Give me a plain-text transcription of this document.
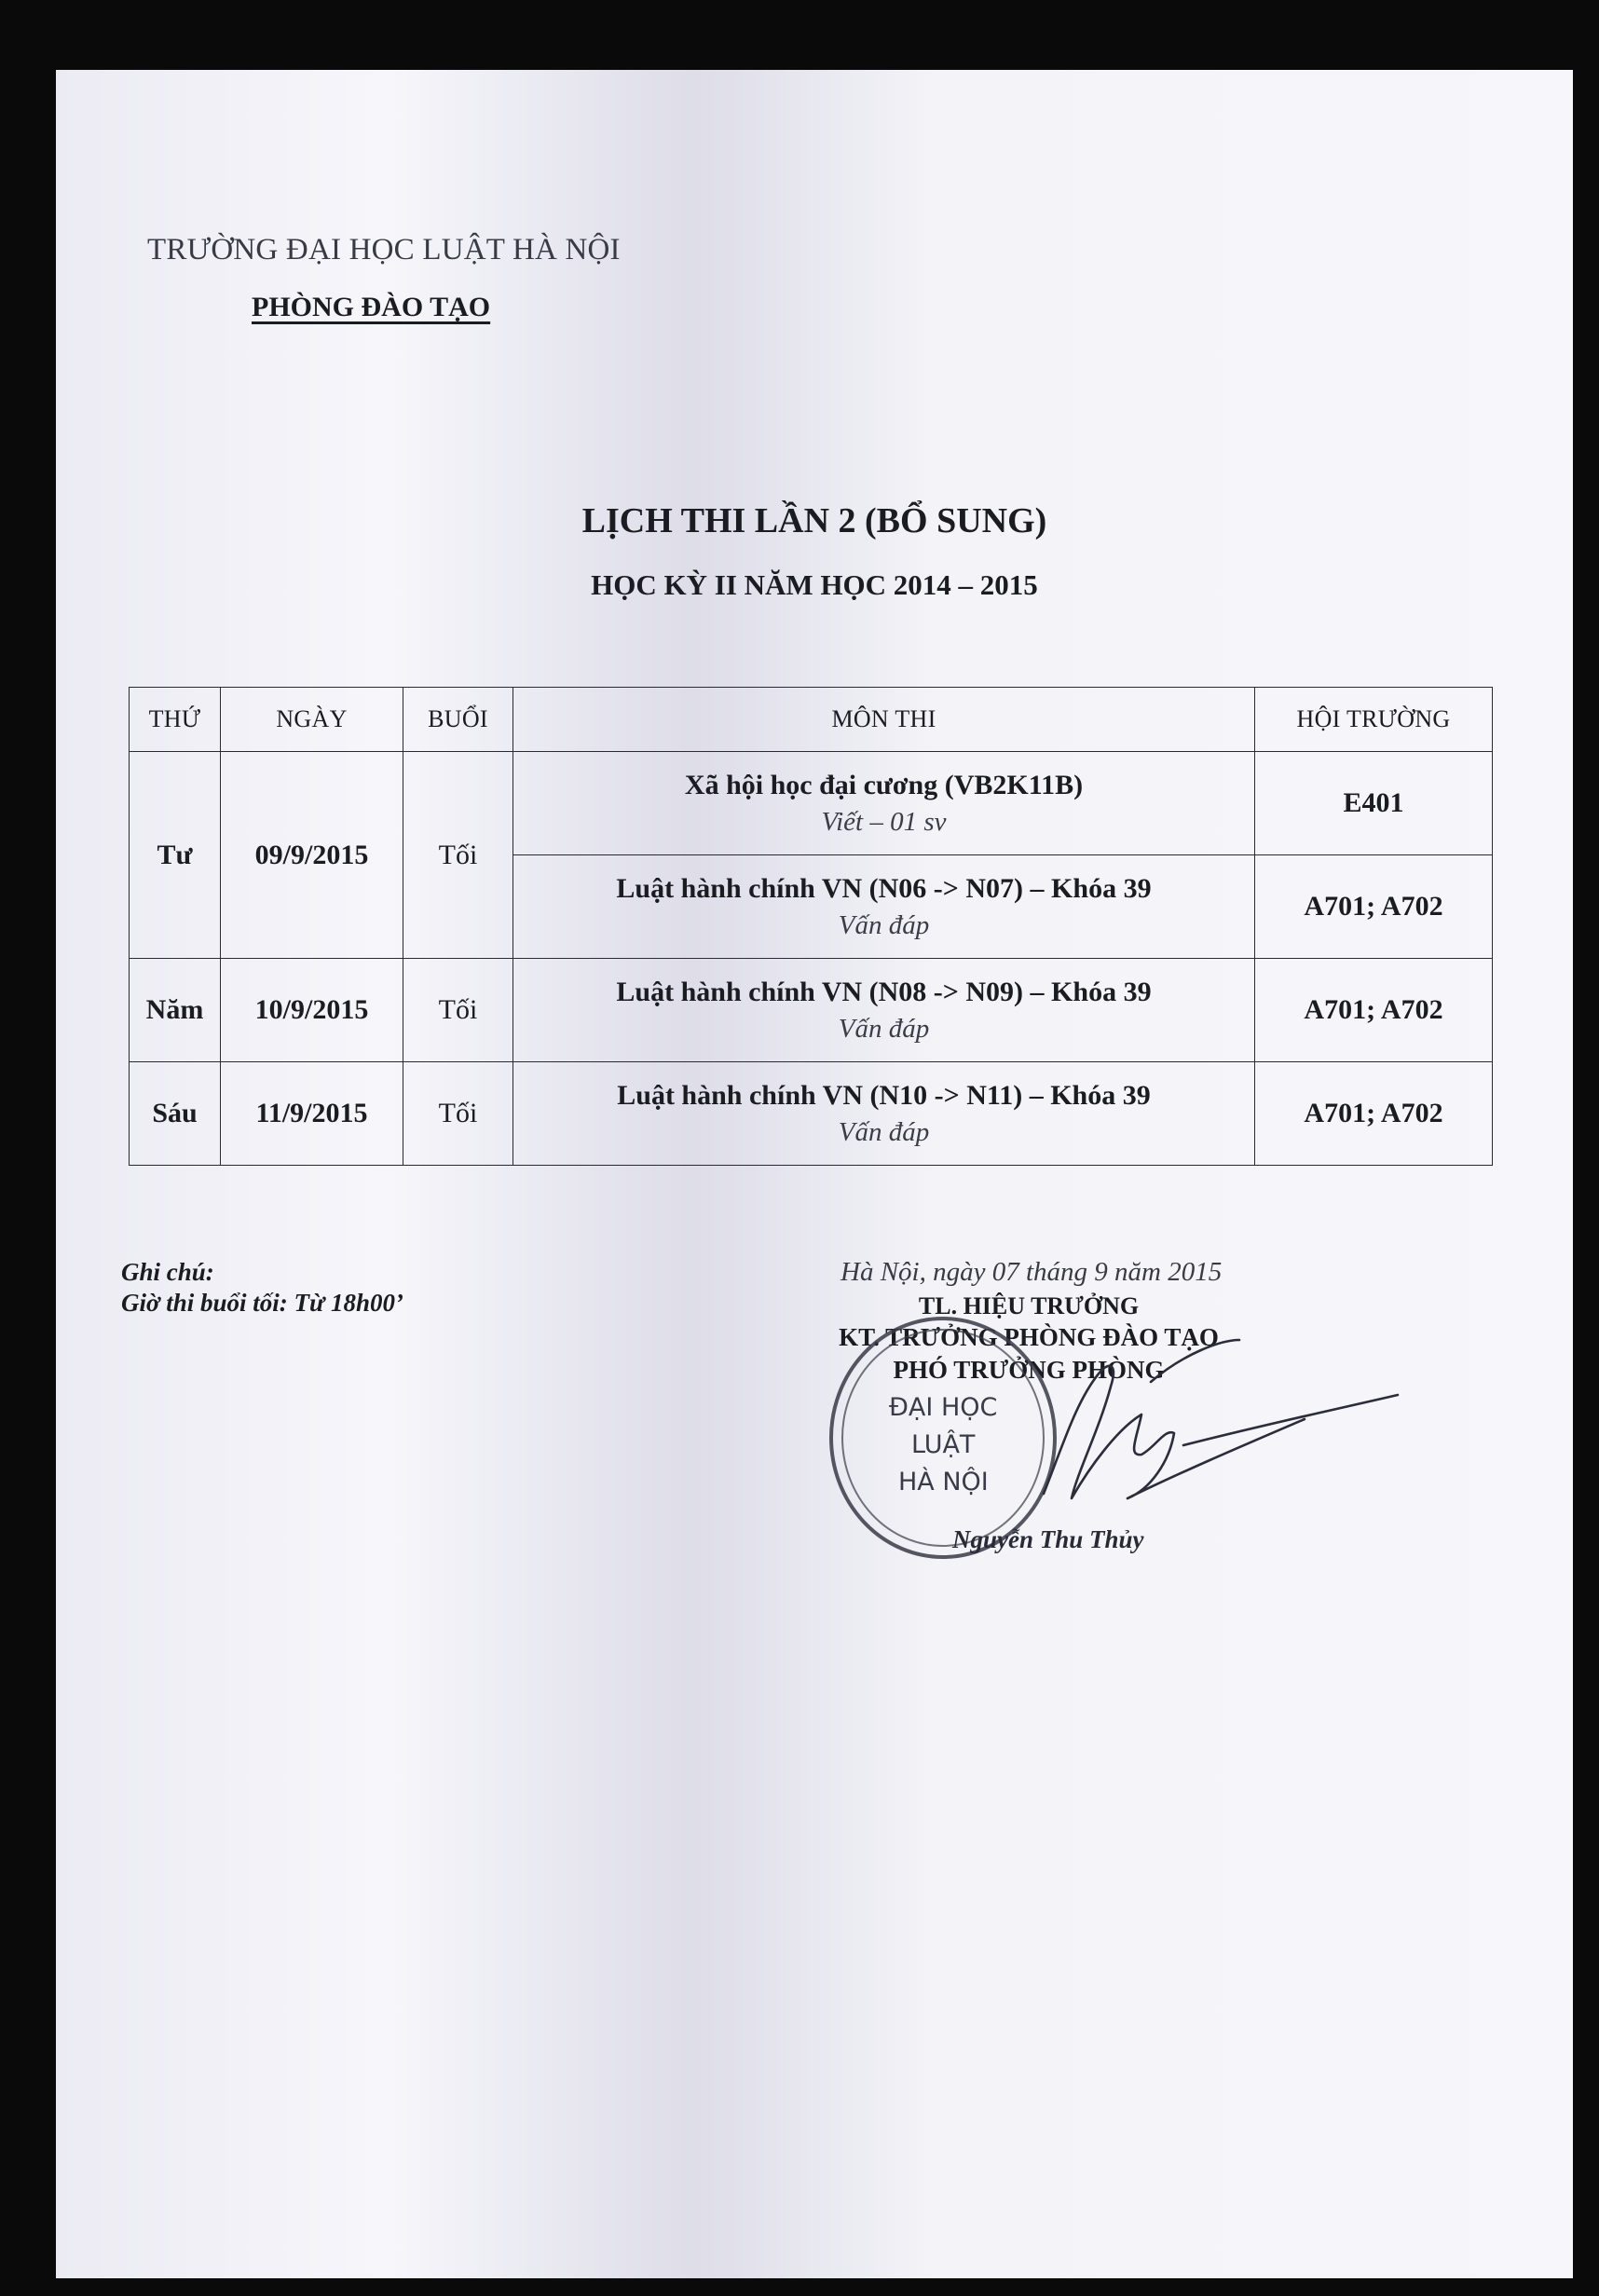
TRƯỜNG ĐẠI HỌC LUẬT HÀ NỘI
PHÒNG ĐÀO TẠO
LỊCH THI LẦN 2 (BỔ SUNG)
HỌC KỲ II NĂM HỌC 2014 – 2015
THỨ	NGÀY	BUỔI	MÔN THI	HỘI TRƯỜNG
Tư	09/9/2015	Tối	Xã hội học đại cương (VB2K11B)
Viết – 01 sv	E401

			Luật hành chính VN (N06 -> N07) – Khóa 39
Vấn đáp	A701; A702
Năm	10/9/2015	Tối	Luật hành chính VN (N08 -> N09) – Khóa 39
Vấn đáp	A701; A702
Sáu	11/9/2015	Tối	Luật hành chính VN (N10 -> N11) – Khóa 39
Vấn đáp	A701; A702
Ghi chú:
Giờ thi buổi tối: Từ 18h00’
Hà Nội, ngày 07 tháng 9 năm 2015
TL. HIỆU TRƯỞNG
KT. TRƯỞNG PHÒNG ĐÀO TẠO
PHÓ TRƯỞNG PHÒNG
ĐẠI HỌC
LUẬT
HÀ NỘI
Nguyễn Thu Thủy
